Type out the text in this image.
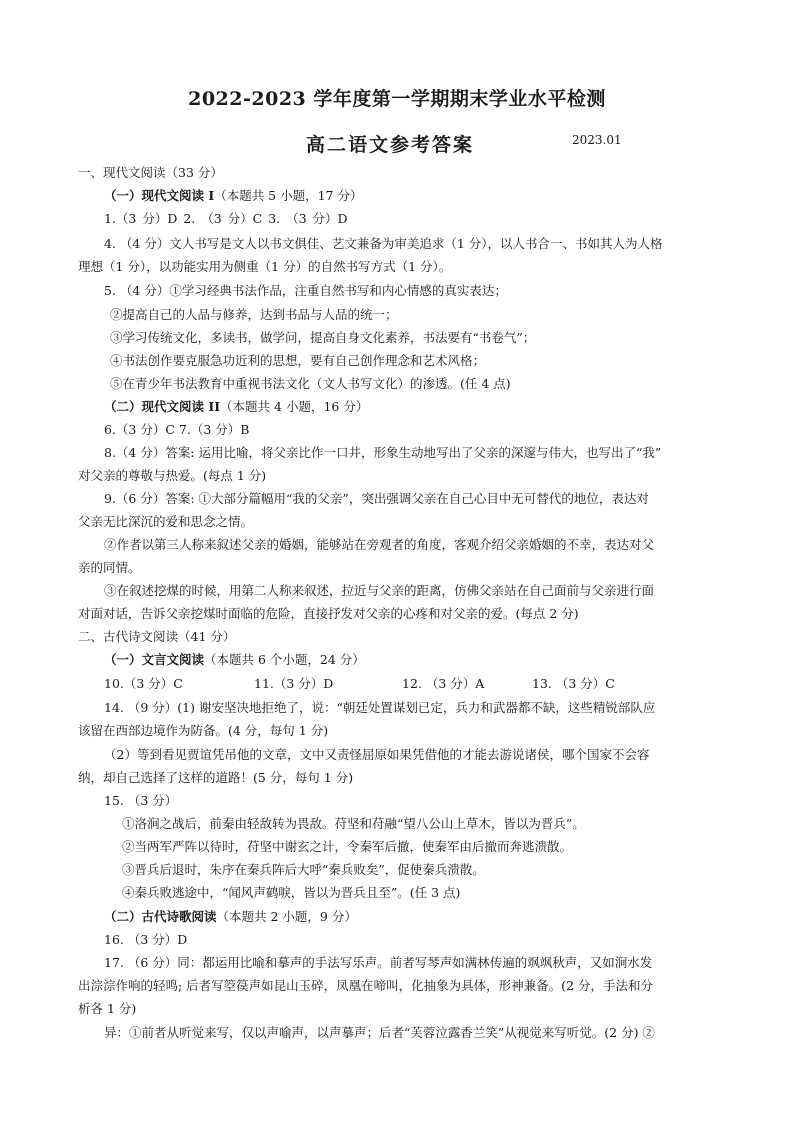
2022-2023 学年度第一学期期末学业水平检测
高二语文参考答案	2023.01
一、现代文阅读（33 分）
（一）现代文阅读 I（本题共 5 小题，17 分）
1.（3 分）D 2. （3 分）C 3. （3 分）D
4. （4 分）文人书写是文人以书文俱佳、艺文兼备为审美追求（1 分），以人书合一、书如其人为人格
理想（1 分），以功能实用为侧重（1 分）的自然书写方式（1 分）。
5. （4 分）①学习经典书法作品，注重自然书写和内心情感的真实表达；
②提高自己的人品与修养，达到书品与人品的统一；
③学习传统文化，多读书，做学问，提高自身文化素养，书法要有“书卷气”；
④书法创作要克服急功近利的思想，要有自己创作理念和艺术风格；
⑤在青少年书法教育中重视书法文化（文人书写文化）的渗透。(任 4 点)
（二）现代文阅读 II（本题共 4 小题，16 分）
6.（3 分）C 7.（3 分）B
8.（4 分）答案: 运用比喻，将父亲比作一口井，形象生动地写出了父亲的深邃与伟大，也写出了“我”
对父亲的尊敬与热爱。(每点 1 分)
9.（6 分）答案: ①大部分篇幅用“我的父亲”，突出强调父亲在自己心目中无可替代的地位，表达对
父亲无比深沉的爱和思念之情。
②作者以第三人称来叙述父亲的婚姻，能够站在旁观者的角度，客观介绍父亲婚姻的不幸，表达对父
亲的同情。
③在叙述挖煤的时候，用第二人称来叙述，拉近与父亲的距离，仿佛父亲站在自己面前与父亲进行面
对面对话，告诉父亲挖煤时面临的危险，直接抒发对父亲的心疼和对父亲的爱。(每点 2 分)
二、古代诗文阅读（41 分）
（一）文言文阅读（本题共 6 个小题，24 分）
10.（3 分）C	11.（3 分）D	12. （3 分）A	13. （3 分）C
14. （9 分）(1) 谢安坚决地拒绝了，说：“朝廷处置谋划已定，兵力和武器都不缺，这些精锐部队应
该留在西部边境作为防备。(4 分，每句 1 分)
（2）等到看见贾谊凭吊他的文章，文中又责怪屈原如果凭借他的才能去游说诸侯，哪个国家不会容
纳，却自己选择了这样的道路！(5 分，每句 1 分)
15. （3 分）
①洛涧之战后，前秦由轻敌转为畏敌。苻坚和苻融“望八公山上草木，皆以为晋兵”。
②当两军严阵以待时，苻坚中谢玄之计，令秦军后撤，使秦军由后撤而奔逃溃散。
③晋兵后退时，朱序在秦兵阵后大呼“秦兵败矣”，促使秦兵溃散。
④秦兵败逃途中，“闻风声鹤唳，皆以为晋兵且至”。(任 3 点)
（二）古代诗歌阅读（本题共 2 小题，9 分）
16. （3 分）D
17. （6 分）同：都运用比喻和摹声的手法写乐声。前者写琴声如满林传遍的飒飒秋声，又如涧水发
出淙淙作响的轻鸣; 后者写箜篌声如昆山玉碎，凤凰在啼叫，化抽象为具体，形神兼备。(2 分，手法和分
析各 1 分)
异：①前者从听觉来写，仅以声喻声，以声摹声；后者“芙蓉泣露香兰笑”从视觉来写听觉。(2 分) ②
